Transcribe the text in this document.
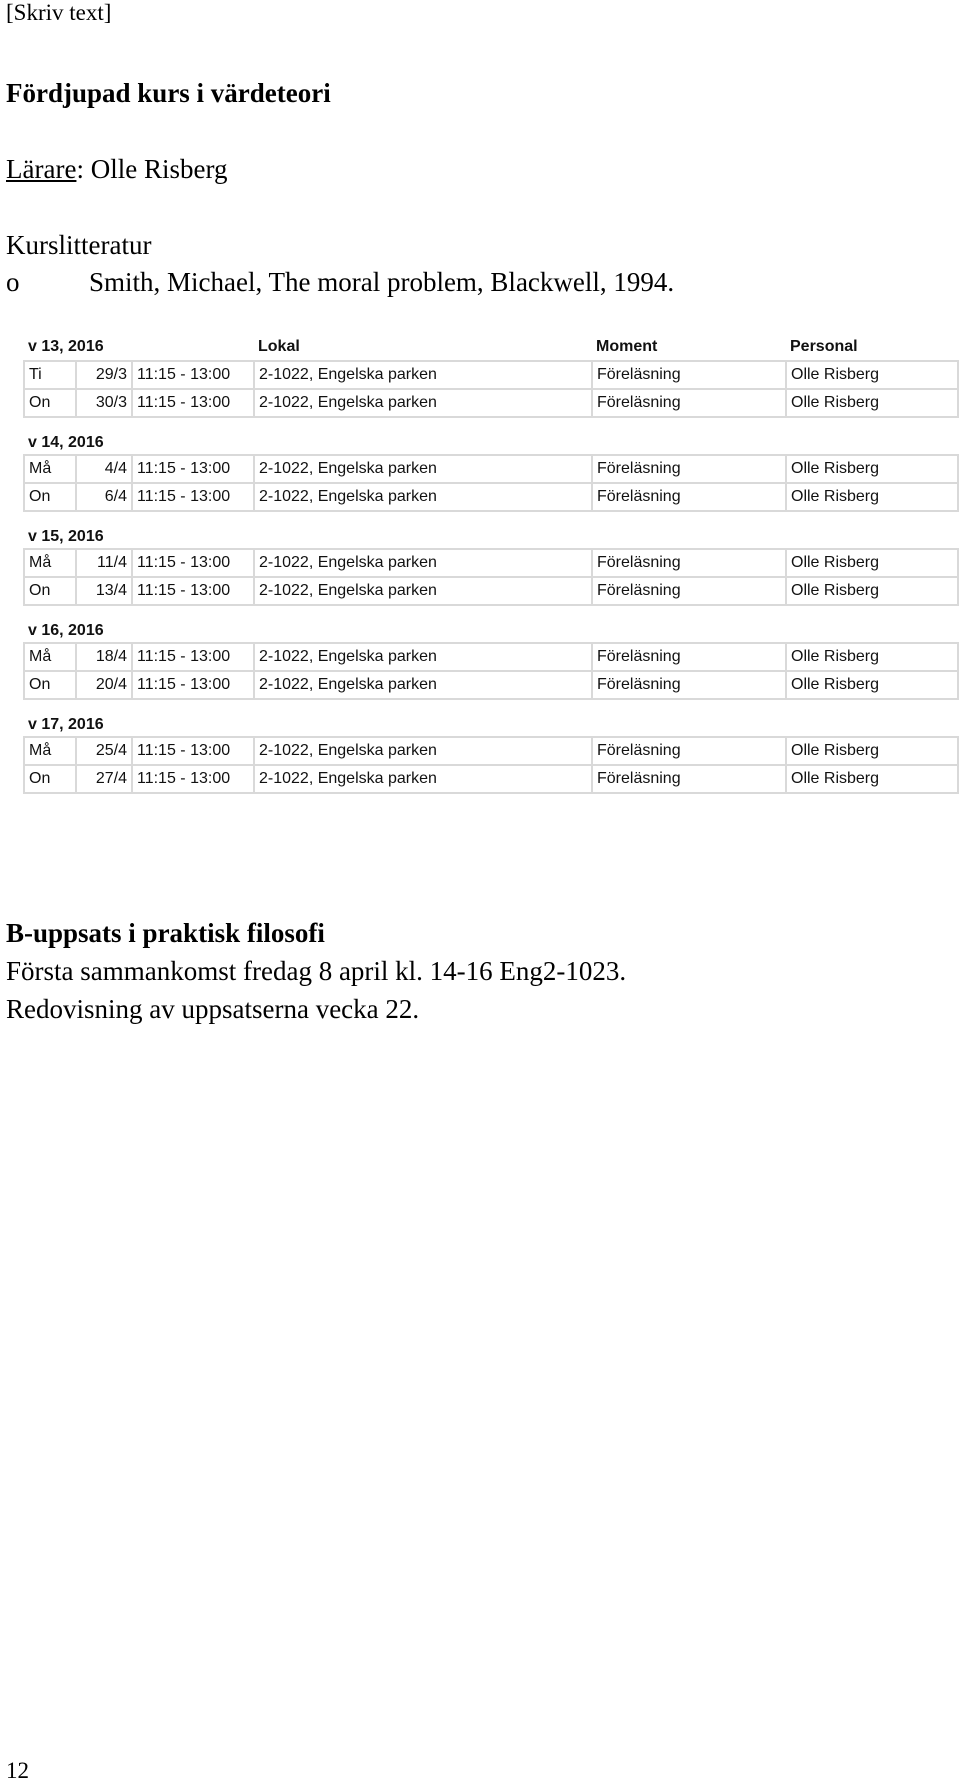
[Skriv text]

Fördjupad kurs i värdeteori

Lärare: Olle Risberg

Kurslitteratur

o	Smith, Michael, The moral problem, Blackwell, 1994.

v 13, 2016			Lokal	Moment	Personal
Ti	29/3	11:15 - 13:00	2-1022, Engelska parken	Föreläsning	Olle Risberg
On	30/3	11:15 - 13:00	2-1022, Engelska parken	Föreläsning	Olle Risberg
v 14, 2016					
Må	4/4	11:15 - 13:00	2-1022, Engelska parken	Föreläsning	Olle Risberg
On	6/4	11:15 - 13:00	2-1022, Engelska parken	Föreläsning	Olle Risberg
v 15, 2016					
Må	11/4	11:15 - 13:00	2-1022, Engelska parken	Föreläsning	Olle Risberg
On	13/4	11:15 - 13:00	2-1022, Engelska parken	Föreläsning	Olle Risberg
v 16, 2016					
Må	18/4	11:15 - 13:00	2-1022, Engelska parken	Föreläsning	Olle Risberg
On	20/4	11:15 - 13:00	2-1022, Engelska parken	Föreläsning	Olle Risberg
v 17, 2016					
Må	25/4	11:15 - 13:00	2-1022, Engelska parken	Föreläsning	Olle Risberg
On	27/4	11:15 - 13:00	2-1022, Engelska parken	Föreläsning	Olle Risberg

B-uppsats i praktisk filosofi

Första sammankomst fredag 8 april kl. 14-16 Eng2-1023.

Redovisning av uppsatserna vecka 22.

12
